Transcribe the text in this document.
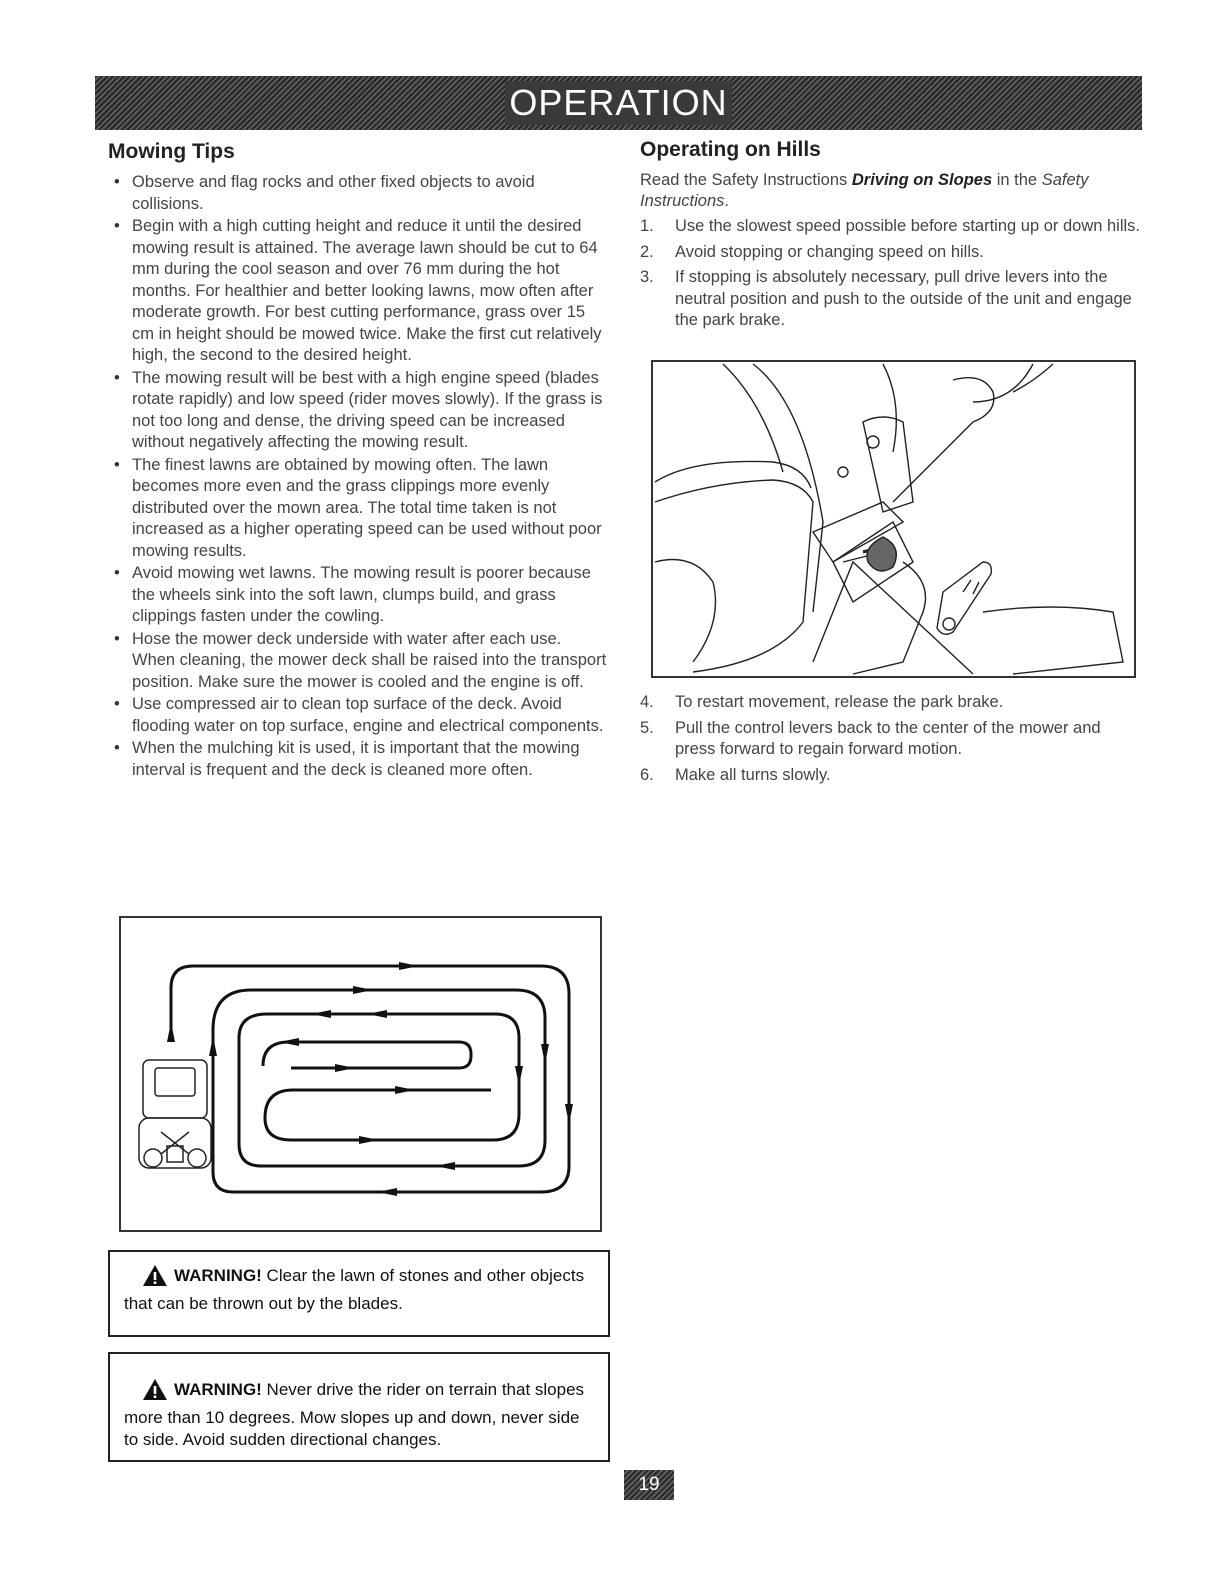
OPERATION
Mowing Tips
• Observe and flag rocks and other fixed objects to avoid collisions.
• Begin with a high cutting height and reduce it until the desired mowing result is attained. The average lawn should be cut to 64 mm during the cool season and over 76 mm during the hot months. For healthier and better looking lawns, mow often after moderate growth. For best cutting performance, grass over 15 cm in height should be mowed twice. Make the first cut relatively high, the second to the desired height.
• The mowing result will be best with a high engine speed (blades rotate rapidly) and low speed (rider moves slowly). If the grass is not too long and dense, the driving speed can be increased without negatively affecting the mowing result.
• The finest lawns are obtained by mowing often. The lawn becomes more even and the grass clippings more evenly distributed over the mown area. The total time taken is not increased as a higher operating speed can be used without poor mowing results.
• Avoid mowing wet lawns. The mowing result is poorer because the wheels sink into the soft lawn, clumps build, and grass clippings fasten under the cowling.
• Hose the mower deck underside with water after each use. When cleaning, the mower deck shall be raised into the transport position. Make sure the mower is cooled and the engine is off.
• Use compressed air to clean top surface of the deck. Avoid flooding water on top surface, engine and electrical components.
• When the mulching kit is used, it is important that the mowing interval is frequent and the deck is cleaned more often.
WARNING! Clear the lawn of stones and other objects that can be thrown out by the blades.
WARNING! Never drive the rider on terrain that slopes more than 10 degrees. Mow slopes up and down, never side to side. Avoid sudden directional changes.
Operating on Hills
Read the Safety Instructions Driving on Slopes in the Safety Instructions.
1. Use the slowest speed possible before starting up or down hills.
2. Avoid stopping or changing speed on hills.
3. If stopping is absolutely necessary, pull drive levers into the neutral position and push to the outside of the unit and engage the park brake.
4. To restart movement, release the park brake.
5. Pull the control levers back to the center of the mower and press forward to regain forward motion.
6. Make all turns slowly.
19
